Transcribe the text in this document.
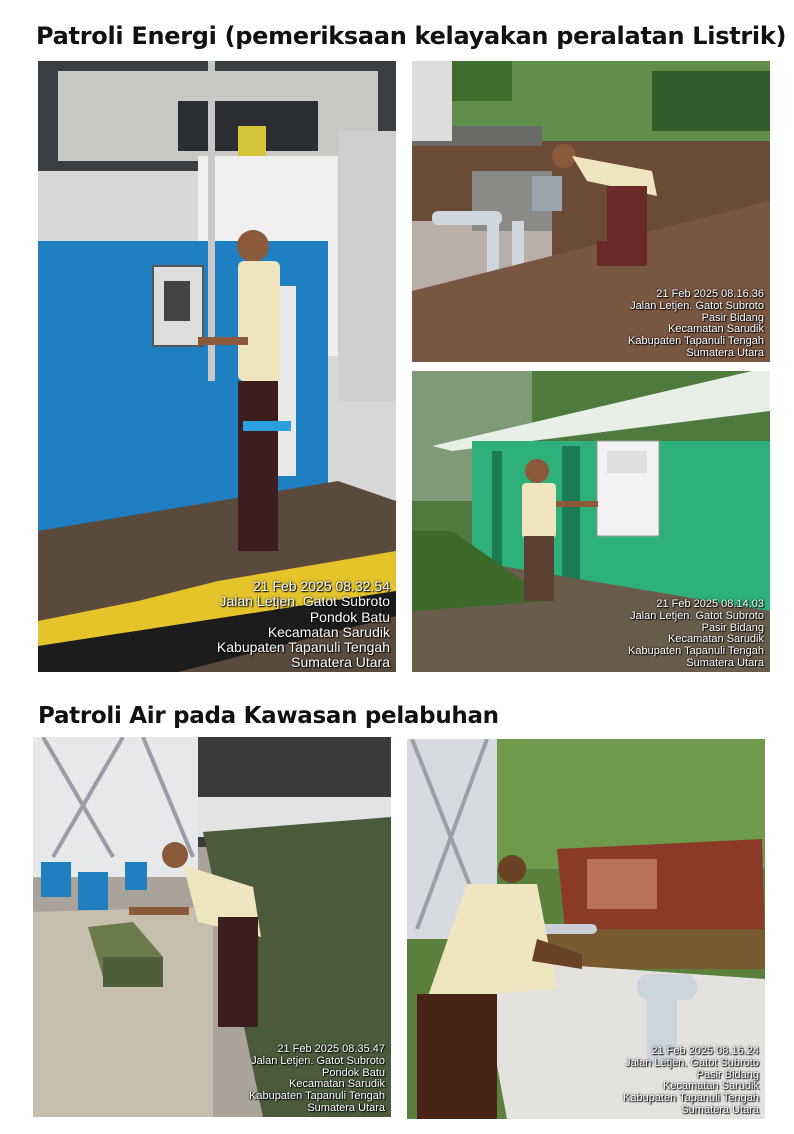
Patroli Energi (pemeriksaan kelayakan peralatan Listrik)
21 Feb 2025 08.32.54
Jalan Letjen. Gatot Subroto
Pondok Batu
Kecamatan Sarudik
Kabupaten Tapanuli Tengah
Sumatera Utara
21 Feb 2025 08.16.36
Jalan Letjen. Gatot Subroto
Pasir Bidang
Kecamatan Sarudik
Kabupaten Tapanuli Tengah
Sumatera Utara
21 Feb 2025 08.14.03
Jalan Letjen. Gatot Subroto
Pasir Bidang
Kecamatan Sarudik
Kabupaten Tapanuli Tengah
Sumatera Utara
Patroli Air pada Kawasan pelabuhan
21 Feb 2025 08.35.47
Jalan Letjen. Gatot Subroto
Pondok Batu
Kecamatan Sarudik
Kabupaten Tapanuli Tengah
Sumatera Utara
21 Feb 2025 08.16.24
Jalan Letjen. Gatot Subroto
Pasir Bidang
Kecamatan Sarudik
Kabupaten Tapanuli Tengah
Sumatera Utara
